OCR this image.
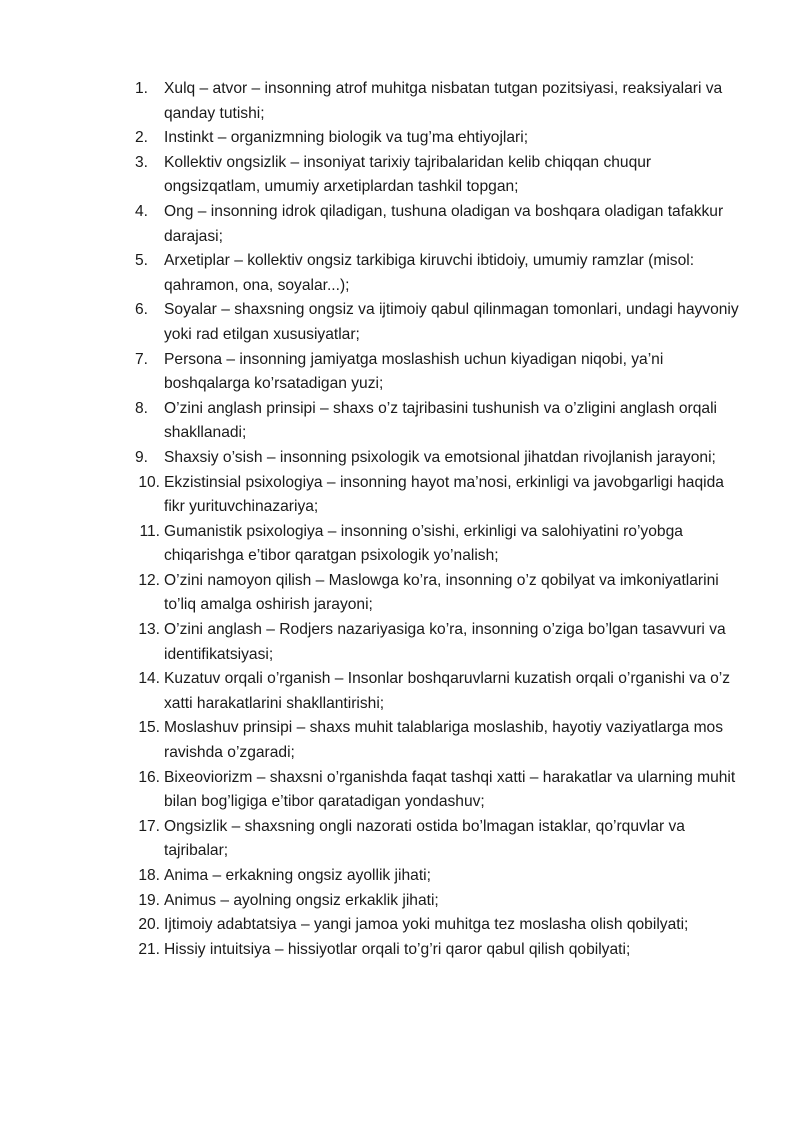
1. Xulq – atvor – insonning atrof muhitga nisbatan tutgan pozitsiyasi, reaksiyalari va qanday tutishi;
2. Instinkt – organizmning biologik va tug’ma ehtiyojlari;
3. Kollektiv ongsizlik – insoniyat tarixiy tajribalaridan kelib chiqqan chuqur ongsizqatlam, umumiy arxetiplardan tashkil topgan;
4. Ong – insonning idrok qiladigan, tushuna oladigan va boshqara oladigan tafakkur darajasi;
5. Arxetiplar – kollektiv ongsiz tarkibiga kiruvchi ibtidoiy, umumiy ramzlar (misol: qahramon, ona, soyalar...);
6. Soyalar – shaxsning ongsiz va ijtimoiy qabul qilinmagan tomonlari, undagi hayvoniy yoki rad etilgan xususiyatlar;
7. Persona – insonning jamiyatga moslashish uchun kiyadigan niqobi, ya’ni boshqalarga ko’rsatadigan yuzi;
8. O’zini anglash prinsipi – shaxs o’z tajribasini tushunish va o’zligini anglash orqali shakllanadi;
9. Shaxsiy o’sish – insonning psixologik va emotsional jihatdan rivojlanish jarayoni;
10. Ekzistinsial psixologiya – insonning hayot ma’nosi, erkinligi va javobgarligi haqida fikr yurituvchinazariya;
11. Gumanistik psixologiya – insonning o’sishi, erkinligi va salohiyatini ro’yobga chiqarishga e’tibor qaratgan psixologik yo’nalish;
12. O’zini namoyon qilish – Maslowga ko’ra, insonning o’z qobilyat va imkoniyatlarini to’liq amalga oshirish jarayoni;
13. O’zini anglash – Rodjers nazariyasiga ko’ra, insonning o’ziga bo’lgan tasavvuri va identifikatsiyasi;
14. Kuzatuv orqali o’rganish – Insonlar boshqaruvlarni kuzatish orqali o’rganishi va o’z xatti harakatlarini shakllantirishi;
15. Moslashuv prinsipi – shaxs muhit talablariga moslashib, hayotiy vaziyatlarga mos ravishda o’zgaradi;
16. Bixeoviorizm – shaxsni o’rganishda faqat tashqi xatti – harakatlar va ularning muhit bilan bog’ligiga e’tibor qaratadigan yondashuv;
17. Ongsizlik – shaxsning ongli nazorati ostida bo’lmagan istaklar, qo’rquvlar va tajribalar;
18. Anima – erkakning ongsiz ayollik jihati;
19. Animus – ayolning ongsiz erkaklik jihati;
20. Ijtimoiy adabtatsiya – yangi jamoa yoki muhitga tez moslasha olish qobilyati;
21. Hissiy intuitsiya – hissiyotlar orqali to’g’ri qaror qabul qilish qobilyati;
